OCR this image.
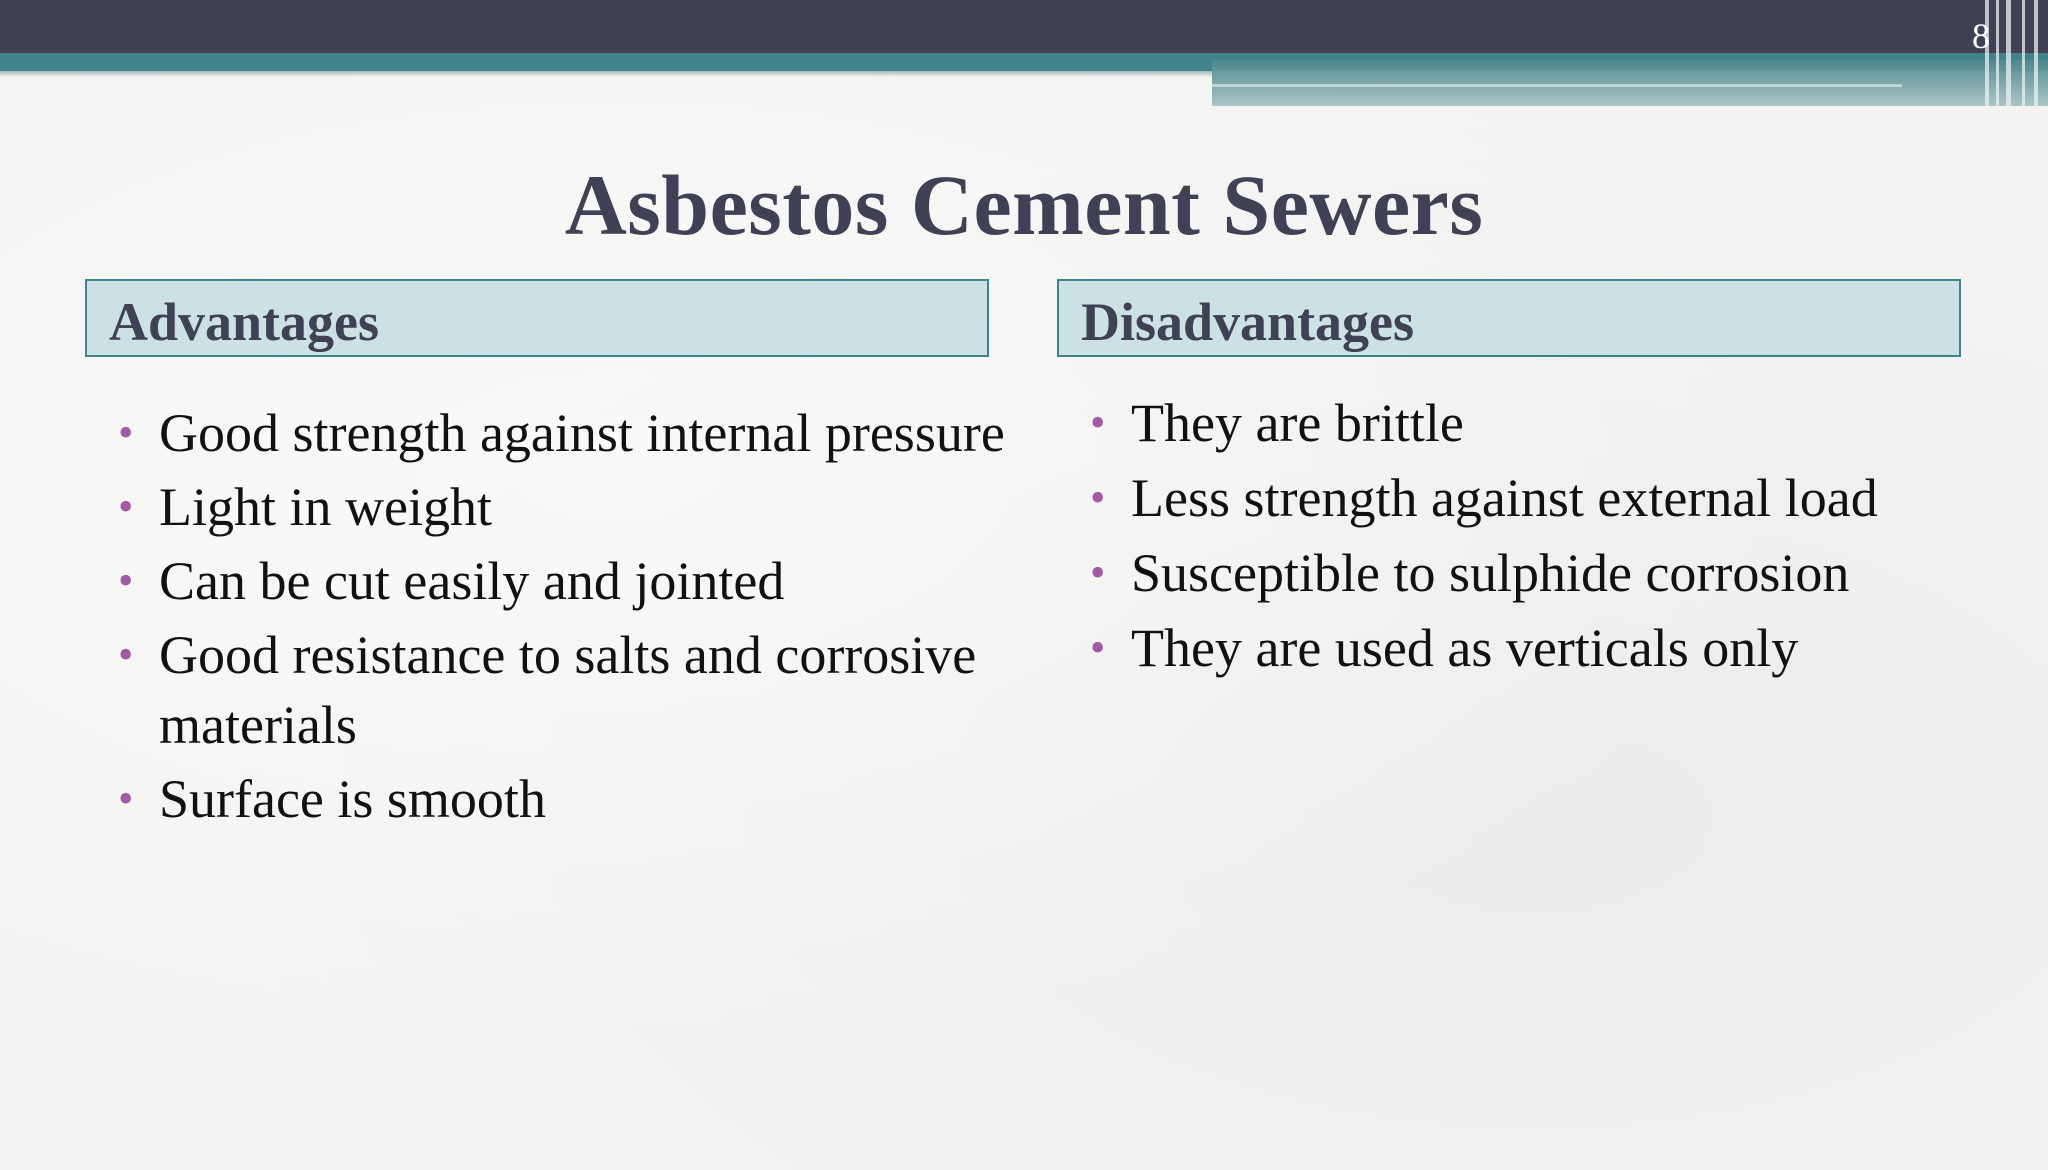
8
Asbestos Cement Sewers
Advantages	Disadvantages
• Good strength against internal pressure
• Light in weight
• Can be cut easily and jointed
• Good resistance to salts and corrosive materials
• Surface is smooth
• They are brittle
• Less strength against external load
• Susceptible to sulphide corrosion
• They are used as verticals only
